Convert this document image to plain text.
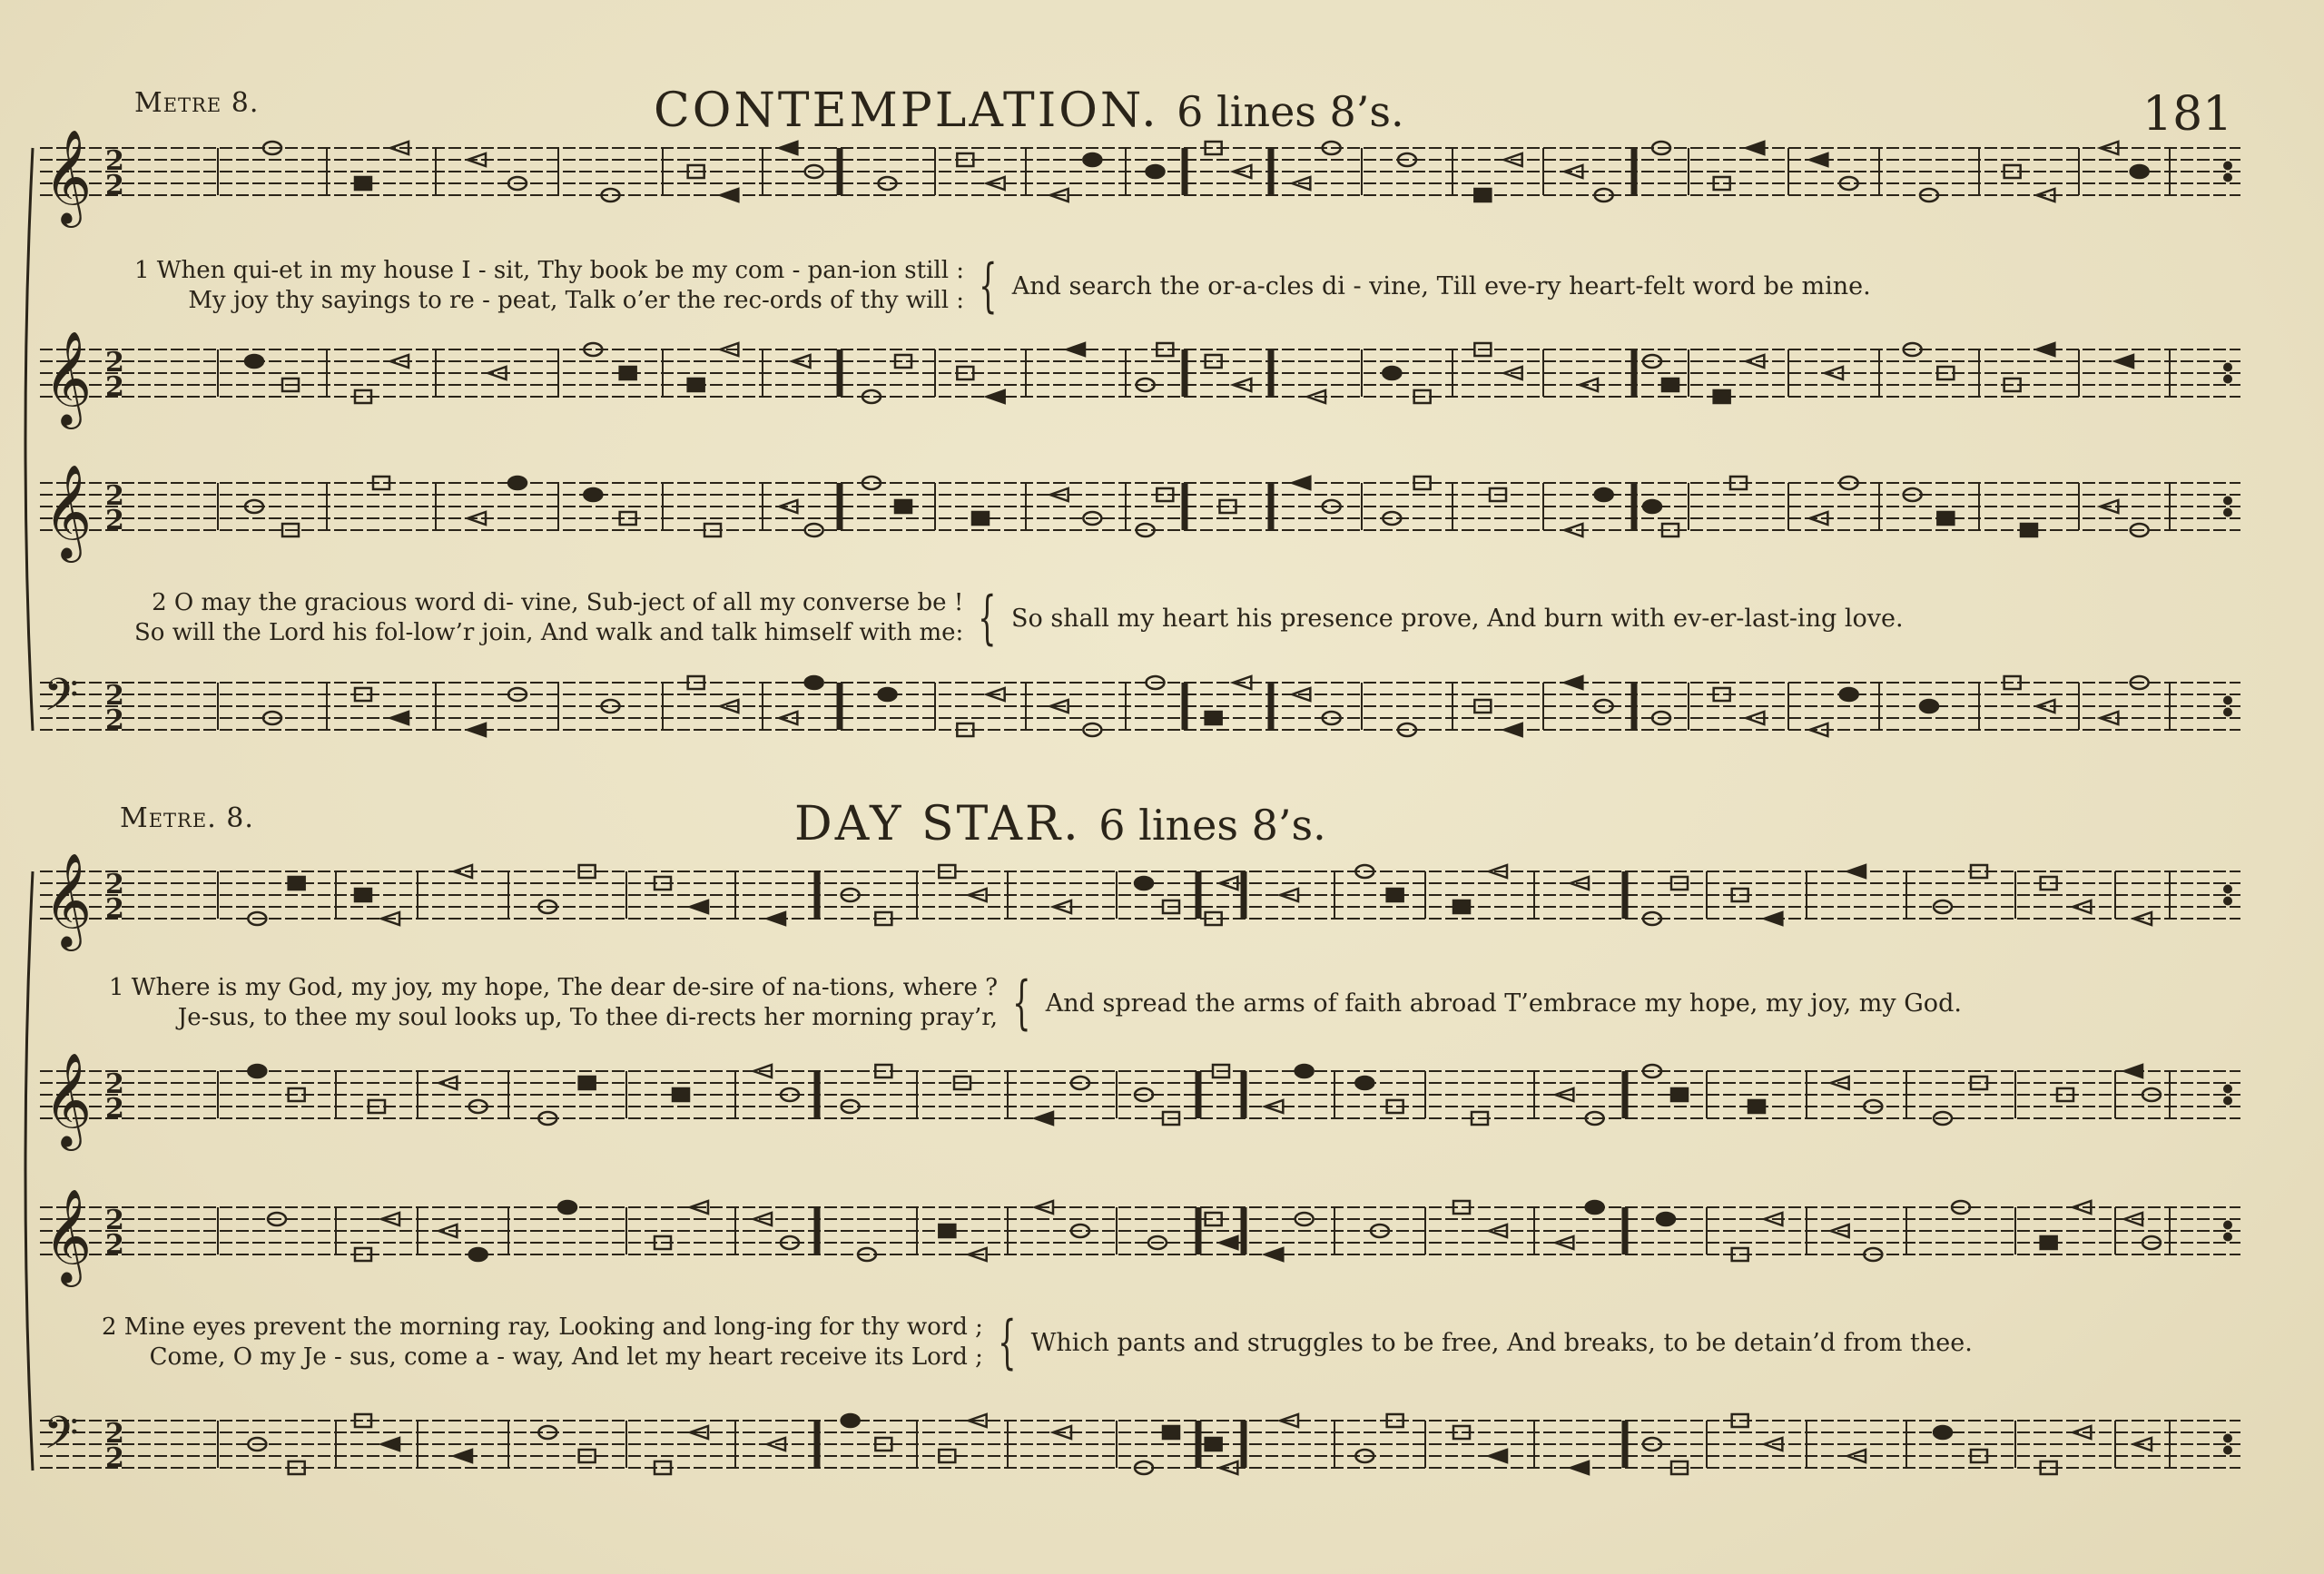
𝄞 2 2
𝄞 2 2
𝄞 2 2
𝄢 2 2
𝄞 2 2
𝄞 2 2
𝄞 2 2
𝄢 2 2
Metre 8.	CONTEMPLATION. 6 lines 8’s.	181
1 When qui-et in my house I - sit, Thy book be my com - pan-ion still :
My joy thy sayings to re - peat, Talk o’er the rec-ords of thy will : { And search the or-a-cles di - vine, Till eve-ry heart-felt word be mine.
2 O may the gracious word di- vine, Sub-ject of all my converse be !
So will the Lord his fol-low’r join, And walk and talk himself with me: { So shall my heart his presence prove, And burn with ev-er-last-ing love.
Metre. 8.	DAY STAR. 6 lines 8’s.
1 Where is my God, my joy, my hope, The dear de-sire of na-tions, where ?
Je-sus, to thee my soul looks up, To thee di-rects her morning pray’r, { And spread the arms of faith abroad T’embrace my hope, my joy, my God.
2 Mine eyes prevent the morning ray, Looking and long-ing for thy word ;
Come, O my Je - sus, come a - way, And let my heart receive its Lord ; { Which pants and struggles to be free, And breaks, to be detain’d from thee.
